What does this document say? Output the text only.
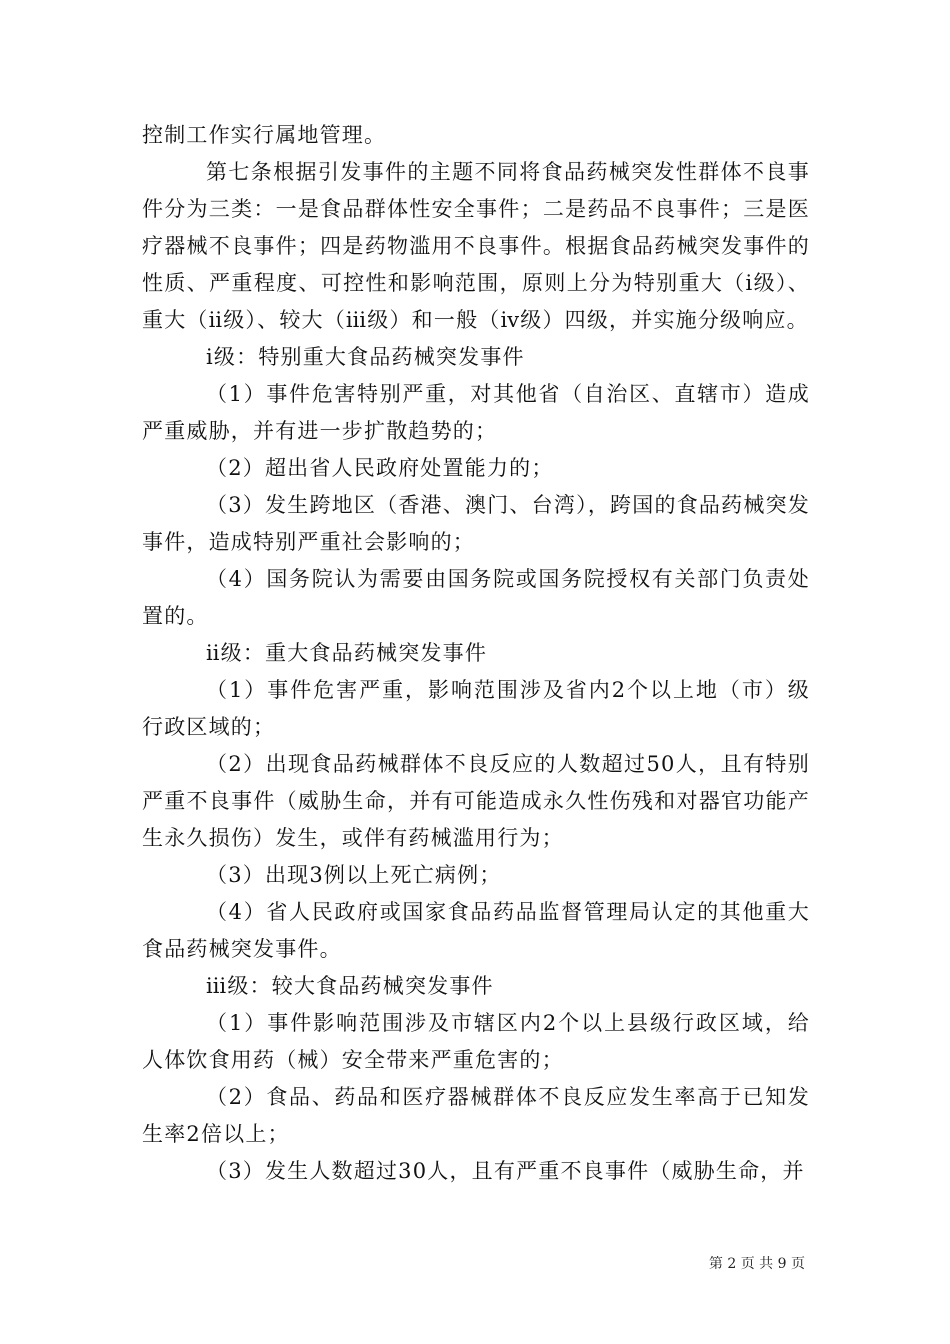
控制工作实行属地管理。

第七条根据引发事件的主题不同将食品药械突发性群体不良事件分为三类：一是食品群体性安全事件；二是药品不良事件；三是医疗器械不良事件；四是药物滥用不良事件。根据食品药械突发事件的性质、严重程度、可控性和影响范围，原则上分为特别重大（ⅰ级）、重大（ⅱ级）、较大（ⅲ级）和一般（ⅳ级）四级，并实施分级响应。

ⅰ级：特别重大食品药械突发事件

（1）事件危害特别严重，对其他省（自治区、直辖市）造成严重威胁，并有进一步扩散趋势的；

（2）超出省人民政府处置能力的；

（3）发生跨地区（香港、澳门、台湾），跨国的食品药械突发事件，造成特别严重社会影响的；

（4）国务院认为需要由国务院或国务院授权有关部门负责处置的。

ⅱ级：重大食品药械突发事件

（1）事件危害严重，影响范围涉及省内2个以上地（市）级行政区域的；

（2）出现食品药械群体不良反应的人数超过50人，且有特别严重不良事件（威胁生命，并有可能造成永久性伤残和对器官功能产生永久损伤）发生，或伴有药械滥用行为；

（3）出现3例以上死亡病例；

（4）省人民政府或国家食品药品监督管理局认定的其他重大食品药械突发事件。

ⅲ级：较大食品药械突发事件

（1）事件影响范围涉及市辖区内2个以上县级行政区域，给人体饮食用药（械）安全带来严重危害的；

（2）食品、药品和医疗器械群体不良反应发生率高于已知发生率2倍以上；

（3）发生人数超过30人，且有严重不良事件（威胁生命，并

第 2 页 共 9 页
